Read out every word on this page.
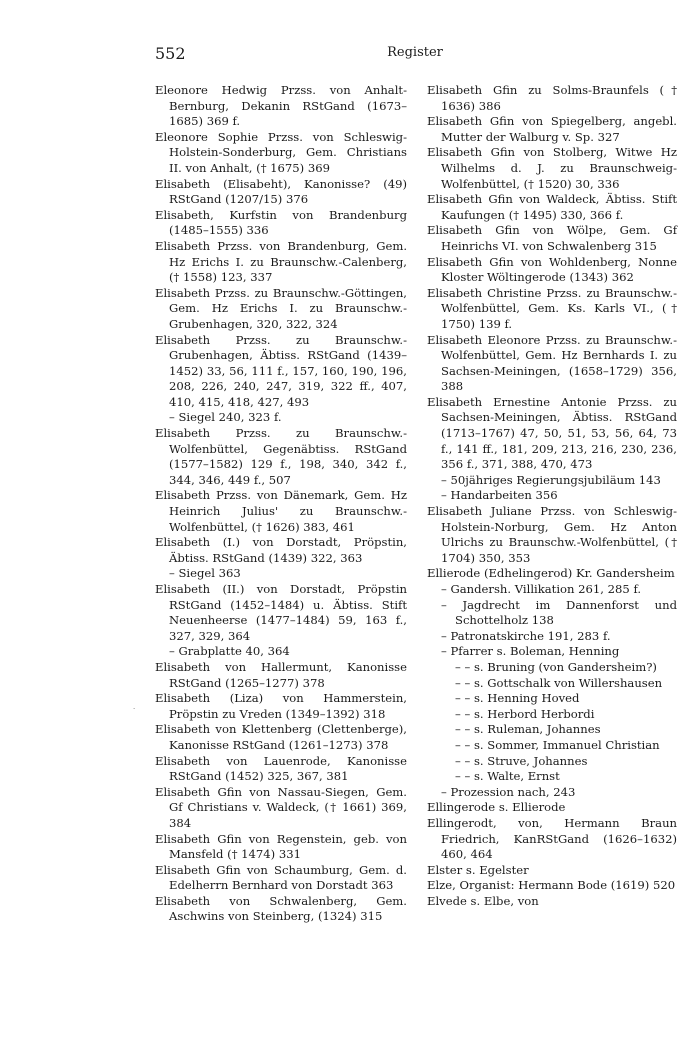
552	Register

Eleonore Hedwig Przss. von Anhalt-Bernburg, Dekanin RStGand (1673–1685) 369 f.

Eleonore Sophie Przss. von Schleswig-Holstein-Sonderburg, Gem. Christians II. von Anhalt, († 1675) 369

Elisabeth (Elisabeht), Kanonisse? (49) RStGand (1207/15) 376

Elisabeth, Kurfstin von Brandenburg (1485–1555) 336

Elisabeth Przss. von Brandenburg, Gem. Hz Erichs I. zu Braunschw.-Calenberg, († 1558) 123, 337

Elisabeth Przss. zu Braunschw.-Göttingen, Gem. Hz Erichs I. zu Braunschw.-Grubenhagen, 320, 322, 324

Elisabeth Przss. zu Braunschw.-Grubenhagen, Äbtiss. RStGand (1439–1452) 33, 56, 111 f., 157, 160, 190, 196, 208, 226, 240, 247, 319, 322 ff., 407, 410, 415, 418, 427, 493

– Siegel 240, 323 f.

Elisabeth Przss. zu Braunschw.-Wolfenbüttel, Gegenäbtiss. RStGand (1577–1582) 129 f., 198, 340, 342 f., 344, 346, 449 f., 507

Elisabeth Przss. von Dänemark, Gem. Hz Heinrich Julius' zu Braunschw.-Wolfenbüttel, († 1626) 383, 461

Elisabeth (I.) von Dorstadt, Pröpstin, Äbtiss. RStGand (1439) 322, 363

– Siegel 363

Elisabeth (II.) von Dorstadt, Pröpstin RStGand (1452–1484) u. Äbtiss. Stift Neuenheerse (1477–1484) 59, 163 f., 327, 329, 364

– Grabplatte 40, 364

Elisabeth von Hallermunt, Kanonisse RStGand (1265–1277) 378

Elisabeth (Liza) von Hammerstein, Pröpstin zu Vreden (1349–1392) 318

Elisabeth von Klettenberg (Clettenberge), Kanonisse RStGand (1261–1273) 378

Elisabeth von Lauenrode, Kanonisse RStGand (1452) 325, 367, 381

Elisabeth Gfin von Nassau-Siegen, Gem. Gf Christians v. Waldeck, († 1661) 369, 384

Elisabeth Gfin von Regenstein, geb. von Mansfeld († 1474) 331

Elisabeth Gfin von Schaumburg, Gem. d. Edelherrn Bernhard von Dorstadt 363

Elisabeth von Schwalenberg, Gem. Aschwins von Steinberg, (1324) 315

Elisabeth Gfin zu Solms-Braunfels († 1636) 386

Elisabeth Gfin von Spiegelberg, angebl. Mutter der Walburg v. Sp. 327

Elisabeth Gfin von Stolberg, Witwe Hz Wilhelms d. J. zu Braunschweig-Wolfenbüttel, († 1520) 30, 336

Elisabeth Gfin von Waldeck, Äbtiss. Stift Kaufungen († 1495) 330, 366 f.

Elisabeth Gfin von Wölpe, Gem. Gf Heinrichs VI. von Schwalenberg 315

Elisabeth Gfin von Wohldenberg, Nonne Kloster Wöltingerode (1343) 362

Elisabeth Christine Przss. zu Braunschw.-Wolfenbüttel, Gem. Ks. Karls VI., († 1750) 139 f.

Elisabeth Eleonore Przss. zu Braunschw.-Wolfenbüttel, Gem. Hz Bernhards I. zu Sachsen-Meiningen, (1658–1729) 356, 388

Elisabeth Ernestine Antonie Przss. zu Sachsen-Meiningen, Äbtiss. RStGand (1713–1767) 47, 50, 51, 53, 56, 64, 73 f., 141 ff., 181, 209, 213, 216, 230, 236, 356 f., 371, 388, 470, 473

– 50jähriges Regierungsjubiläum 143

– Handarbeiten 356

Elisabeth Juliane Przss. von Schleswig-Holstein-Norburg, Gem. Hz Anton Ulrichs zu Braunschw.-Wolfenbüttel, († 1704) 350, 353

Ellierode (Edhelingerod) Kr. Gandersheim

– Gandersh. Villikation 261, 285 f.

– Jagdrecht im Dannenforst und Schottelholz 138

– Patronatskirche 191, 283 f.

– Pfarrer s. Boleman, Henning

– – s. Bruning (von Gandersheim?)

– – s. Gottschalk von Willershausen

– – s. Henning Hoved

– – s. Herbord Herbordi

– – s. Ruleman, Johannes

– – s. Sommer, Immanuel Christian

– – s. Struve, Johannes

– – s. Walte, Ernst

– Prozession nach, 243

Ellingerode s. Ellierode

Ellingerodt, von, Hermann Braun Friedrich, KanRStGand (1626–1632) 460, 464

Elster s. Egelster

Elze, Organist: Hermann Bode (1619) 520

Elvede s. Elbe, von

·
